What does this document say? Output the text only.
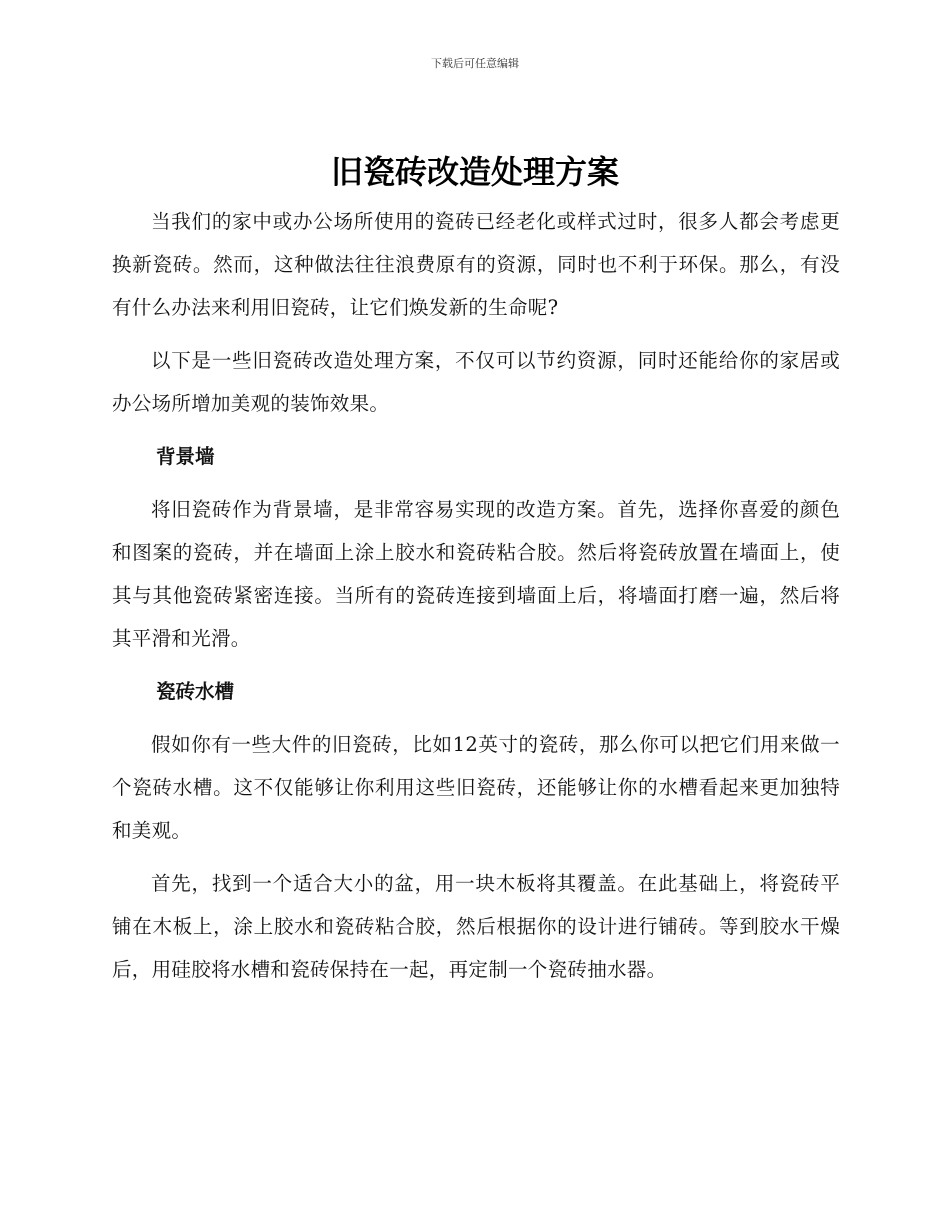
下载后可任意编辑
旧瓷砖改造处理方案

当我们的家中或办公场所使用的瓷砖已经老化或样式过时，很多人都会考虑更换新瓷砖。然而，这种做法往往浪费原有的资源，同时也不利于环保。那么，有没有什么办法来利用旧瓷砖，让它们焕发新的生命呢?

以下是一些旧瓷砖改造处理方案，不仅可以节约资源，同时还能给你的家居或办公场所增加美观的装饰效果。

背景墙

将旧瓷砖作为背景墙，是非常容易实现的改造方案。首先，选择你喜爱的颜色和图案的瓷砖，并在墙面上涂上胶水和瓷砖粘合胶。然后将瓷砖放置在墙面上，使其与其他瓷砖紧密连接。当所有的瓷砖连接到墙面上后，将墙面打磨一遍，然后将其平滑和光滑。

瓷砖水槽

假如你有一些大件的旧瓷砖，比如12英寸的瓷砖，那么你可以把它们用来做一个瓷砖水槽。这不仅能够让你利用这些旧瓷砖，还能够让你的水槽看起来更加独特和美观。

首先，找到一个适合大小的盆，用一块木板将其覆盖。在此基础上，将瓷砖平铺在木板上，涂上胶水和瓷砖粘合胶，然后根据你的设计进行铺砖。等到胶水干燥后，用硅胶将水槽和瓷砖保持在一起，再定制一个瓷砖抽水器。
